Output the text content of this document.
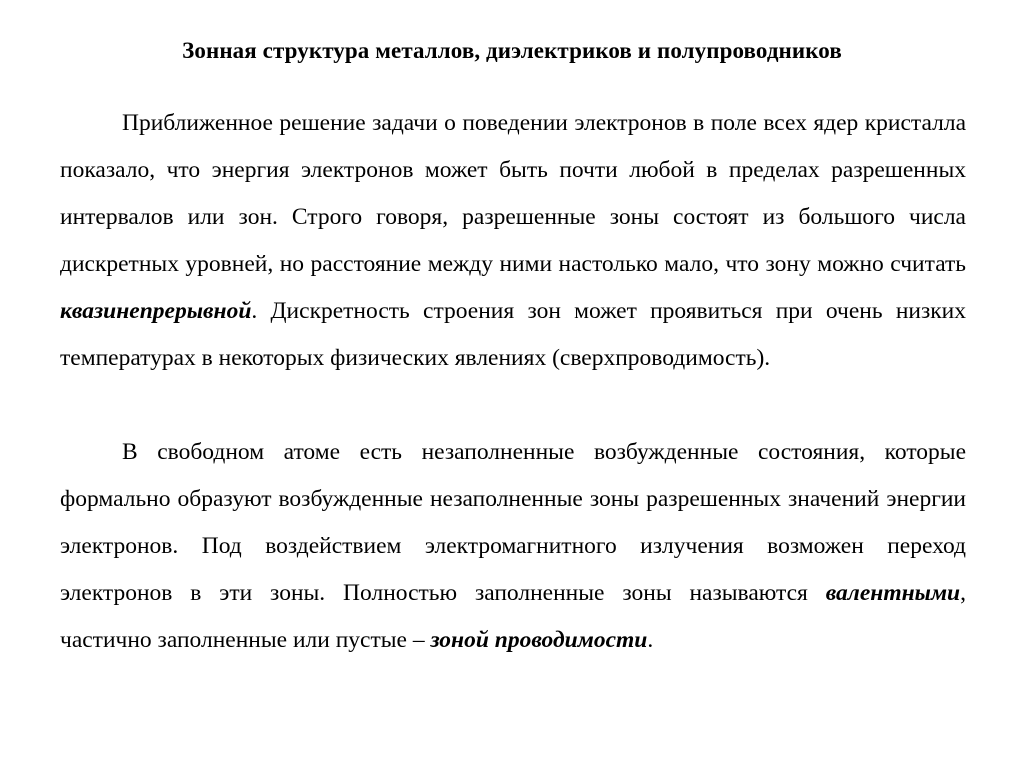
Зонная структура металлов, диэлектриков и полупроводников

Приближенное решение задачи о поведении электронов в поле всех ядер кристалла показало, что энергия электронов может быть почти любой в пределах разрешенных интервалов или зон. Строго говоря, разрешенные зоны состоят из большого числа дискретных уровней, но расстояние между ними настолько мало, что зону можно считать квазинепрерывной. Дискретность строения зон может проявиться при очень низких температурах в некоторых физических явлениях (сверхпроводимость).

В свободном атоме есть незаполненные возбужденные состояния, которые формально образуют возбужденные незаполненные зоны разрешенных значений энергии электронов. Под воздействием электромагнитного излучения возможен переход электронов в эти зоны. Полностью заполненные зоны называются валентными, частично заполненные или пустые – зоной проводимости.
